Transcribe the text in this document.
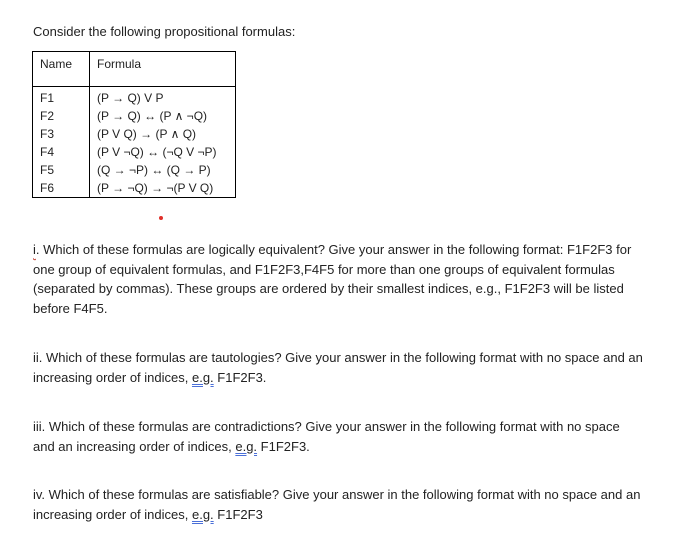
Consider the following propositional formulas:
Name	Formula
F1	(P → Q) V P
F2	(P → Q) ↔ (P ∧ ¬Q)
F3	(P V Q) → (P ∧ Q)
F4	(P V ¬Q) ↔ (¬Q V ¬P)
F5	(Q → ¬P) ↔ (Q → P)
F6	(P → ¬Q) → ¬(P V Q)
i. Which of these formulas are logically equivalent? Give your answer in the following format: F1F2F3 for one group of equivalent formulas, and F1F2F3,F4F5 for more than one groups of equivalent formulas (separated by commas). These groups are ordered by their smallest indices, e.g., F1F2F3 will be listed before F4F5.
ii. Which of these formulas are tautologies? Give your answer in the following format with no space and an increasing order of indices, e.g. F1F2F3.
iii. Which of these formulas are contradictions? Give your answer in the following format with no space and an increasing order of indices, e.g. F1F2F3.
iv. Which of these formulas are satisfiable? Give your answer in the following format with no space and an increasing order of indices, e.g. F1F2F3
